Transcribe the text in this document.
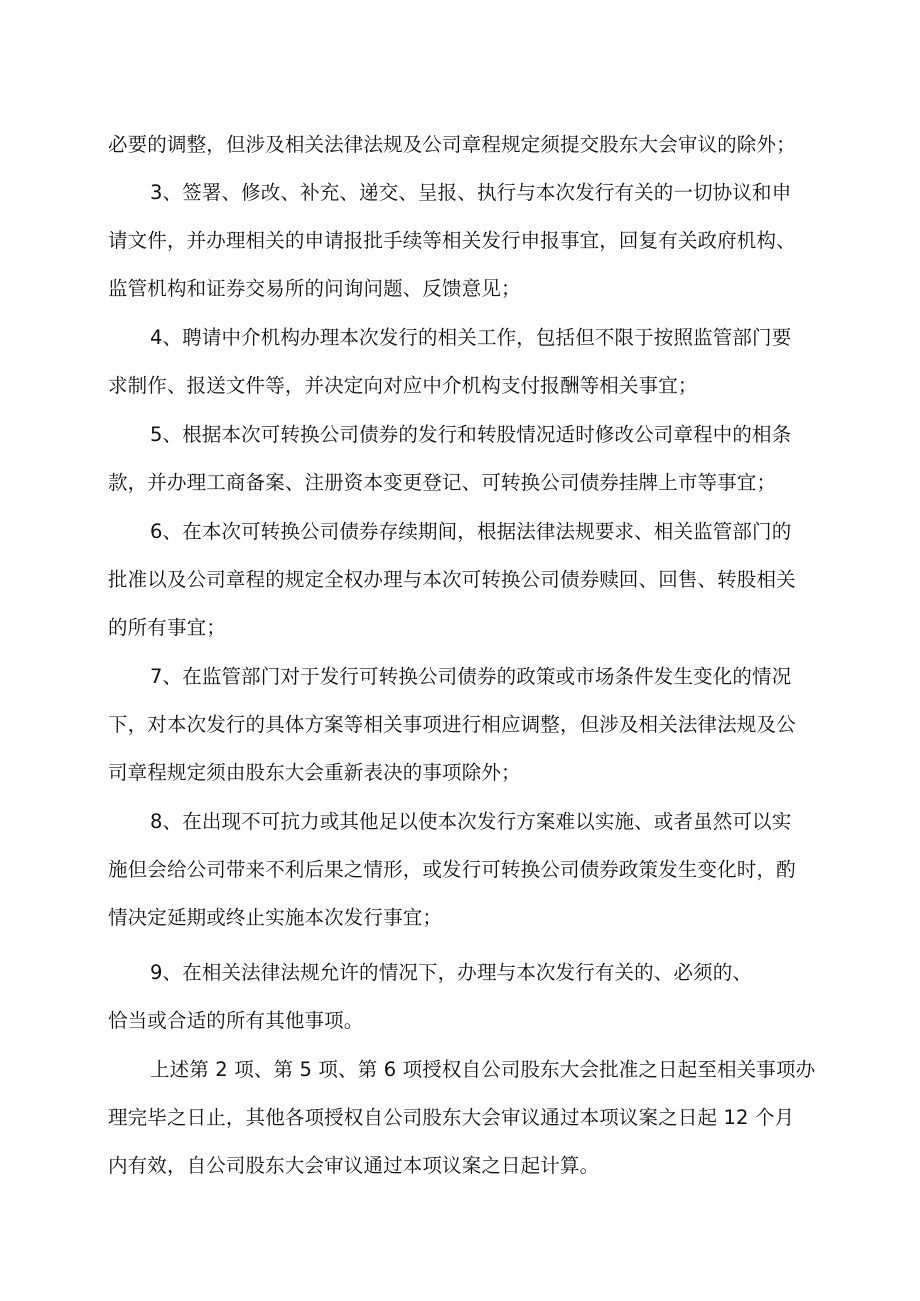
必要的调整，但涉及相关法律法规及公司章程规定须提交股东大会审议的除外；
3、签署、修改、补充、递交、呈报、执行与本次发行有关的一切协议和申
请文件，并办理相关的申请报批手续等相关发行申报事宜，回复有关政府机构、
监管机构和证券交易所的问询问题、反馈意见；
4、聘请中介机构办理本次发行的相关工作，包括但不限于按照监管部门要
求制作、报送文件等，并决定向对应中介机构支付报酬等相关事宜；
5、根据本次可转换公司债券的发行和转股情况适时修改公司章程中的相条
款，并办理工商备案、注册资本变更登记、可转换公司债券挂牌上市等事宜；
6、在本次可转换公司债券存续期间，根据法律法规要求、相关监管部门的
批准以及公司章程的规定全权办理与本次可转换公司债券赎回、回售、转股相关
的所有事宜；
7、在监管部门对于发行可转换公司债券的政策或市场条件发生变化的情况
下，对本次发行的具体方案等相关事项进行相应调整，但涉及相关法律法规及公
司章程规定须由股东大会重新表决的事项除外；
8、在出现不可抗力或其他足以使本次发行方案难以实施、或者虽然可以实
施但会给公司带来不利后果之情形，或发行可转换公司债券政策发生变化时，酌
情决定延期或终止实施本次发行事宜；
9、在相关法律法规允许的情况下，办理与本次发行有关的、必须的、
恰当或合适的所有其他事项。
上述第 2 项、第 5 项、第 6 项授权自公司股东大会批准之日起至相关事项办
理完毕之日止，其他各项授权自公司股东大会审议通过本项议案之日起 12 个月
内有效，自公司股东大会审议通过本项议案之日起计算。
